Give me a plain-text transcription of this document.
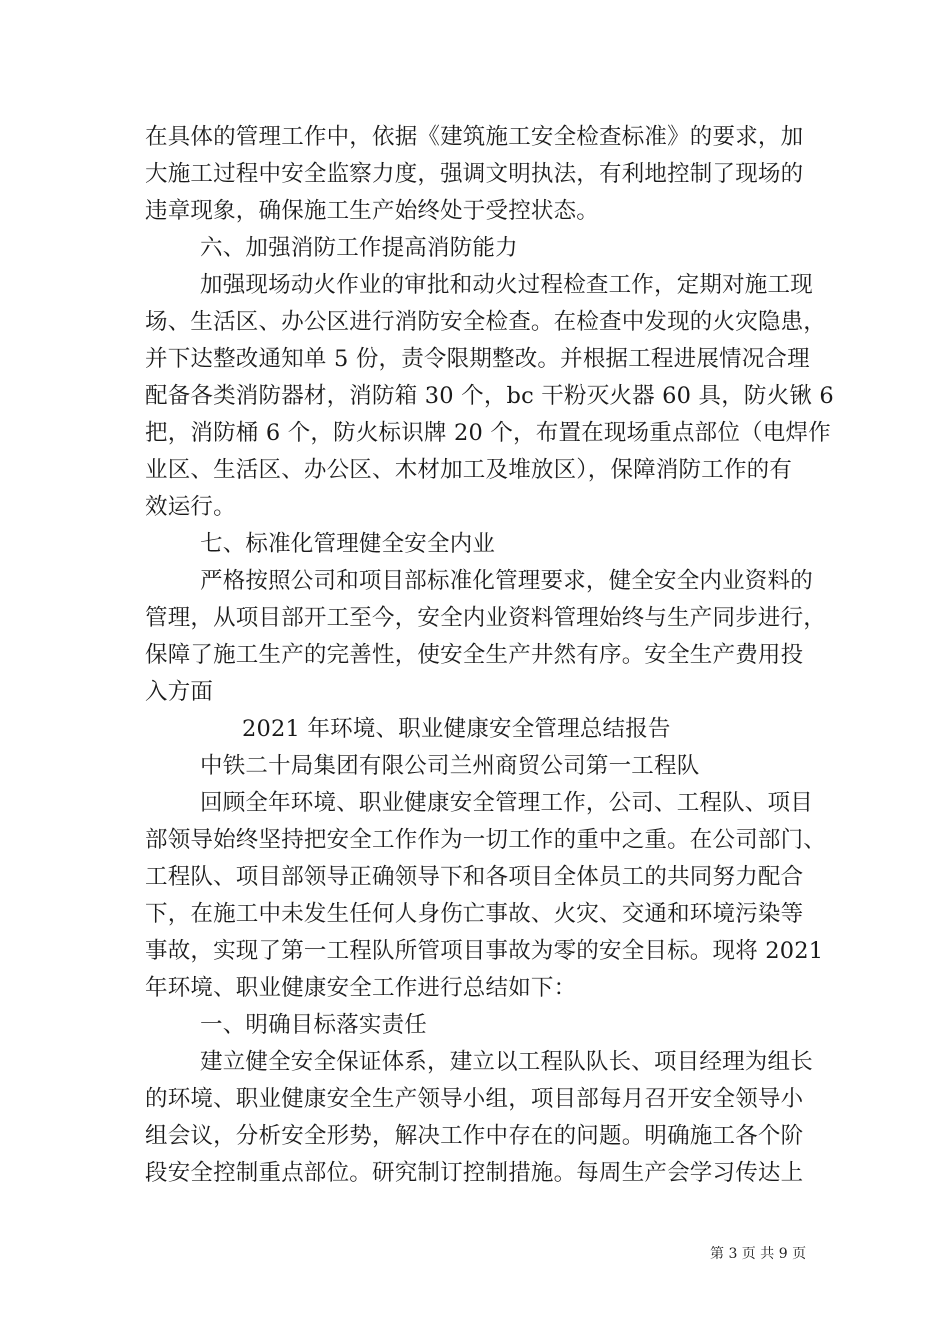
在具体的管理工作中，依据《建筑施工安全检查标准》的要求，加
大施工过程中安全监察力度，强调文明执法，有利地控制了现场的
违章现象，确保施工生产始终处于受控状态。
六、加强消防工作提高消防能力
加强现场动火作业的审批和动火过程检查工作，定期对施工现
场、生活区、办公区进行消防安全检查。在检查中发现的火灾隐患，
并下达整改通知单 5 份，责令限期整改。并根据工程进展情况合理
配备各类消防器材，消防箱 30 个，bc 干粉灭火器 60 具，防火锹 6
把，消防桶 6 个，防火标识牌 20 个，布置在现场重点部位（电焊作
业区、生活区、办公区、木材加工及堆放区），保障消防工作的有
效运行。
七、标准化管理健全安全内业
严格按照公司和项目部标准化管理要求，健全安全内业资料的
管理，从项目部开工至今，安全内业资料管理始终与生产同步进行，
保障了施工生产的完善性，使安全生产井然有序。安全生产费用投
入方面
2021 年环境、职业健康安全管理总结报告
中铁二十局集团有限公司兰州商贸公司第一工程队
回顾全年环境、职业健康安全管理工作，公司、工程队、项目
部领导始终坚持把安全工作作为一切工作的重中之重。在公司部门、
工程队、项目部领导正确领导下和各项目全体员工的共同努力配合
下，在施工中未发生任何人身伤亡事故、火灾、交通和环境污染等
事故，实现了第一工程队所管项目事故为零的安全目标。现将 2021
年环境、职业健康安全工作进行总结如下：
一、明确目标落实责任
建立健全安全保证体系，建立以工程队队长、项目经理为组长
的环境、职业健康安全生产领导小组，项目部每月召开安全领导小
组会议，分析安全形势，解决工作中存在的问题。明确施工各个阶
段安全控制重点部位。研究制订控制措施。每周生产会学习传达上
第 3 页 共 9 页
